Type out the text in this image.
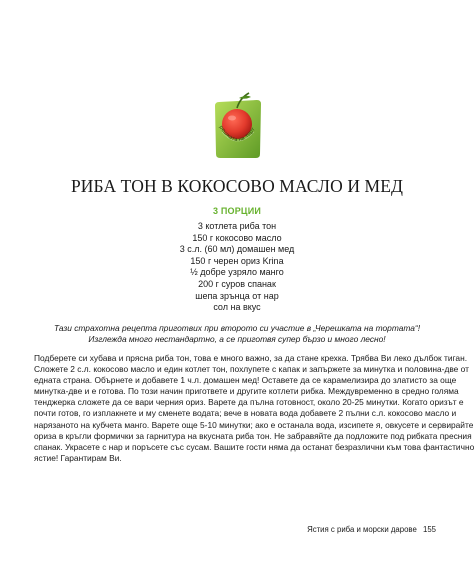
решката на торт
РИБА ТОН В КОКОСОВО МАСЛО И МЕД
3 ПОРЦИИ
3 котлета риба тон
150 г кокосово масло
3 с.л. (60 мл) домашен мед
150 г черен ориз Krina
½ добре узряло манго
200 г суров спанак
шепа зрънца от нар
сол на вкус
Тази страхотна рецепта приготвих при второто си участие в „Черешката на тортата“!
Изглежда много нестандартно, а се приготвя супер бързо и много лесно!
Подберете си хубава и прясна риба тон, това е много важно, за да стане крехка. Трябва Ви леко дълбок тиган.
Сложете 2 с.л. кокосово масло и един котлет тон, похлупете с капак и запържете за минутка и половина-две от
едната страна. Обърнете и добавете 1 ч.л. домашен мед! Оставете да се карамелизира до златисто за още
минутка-две и е готова. По този начин пригответе и другите котлети рибка. Междувременно в средно голяма
тенджерка сложете да се вари черния ориз. Варете да пълна готовност, около 20-25 минутки. Когато оризът е
почти готов, го изплакнете и му сменете водата; вече в новата вода добавете 2 пълни с.л. кокосово масло и
нарязаното на кубчета манго. Варете още 5-10 минутки; ако е останала вода, изсипете я, овкусете и сервирайте
ориза в кръгли формички за гарнитура на вкусната риба тон. Не забравяйте да подложите под рибката пресния
спанак. Украсете с нар и поръсете със сусам. Вашите гости няма да останат безразлични към това фантастично
ястие! Гарантирам Ви.
Ястия с риба и морски дарове 155
